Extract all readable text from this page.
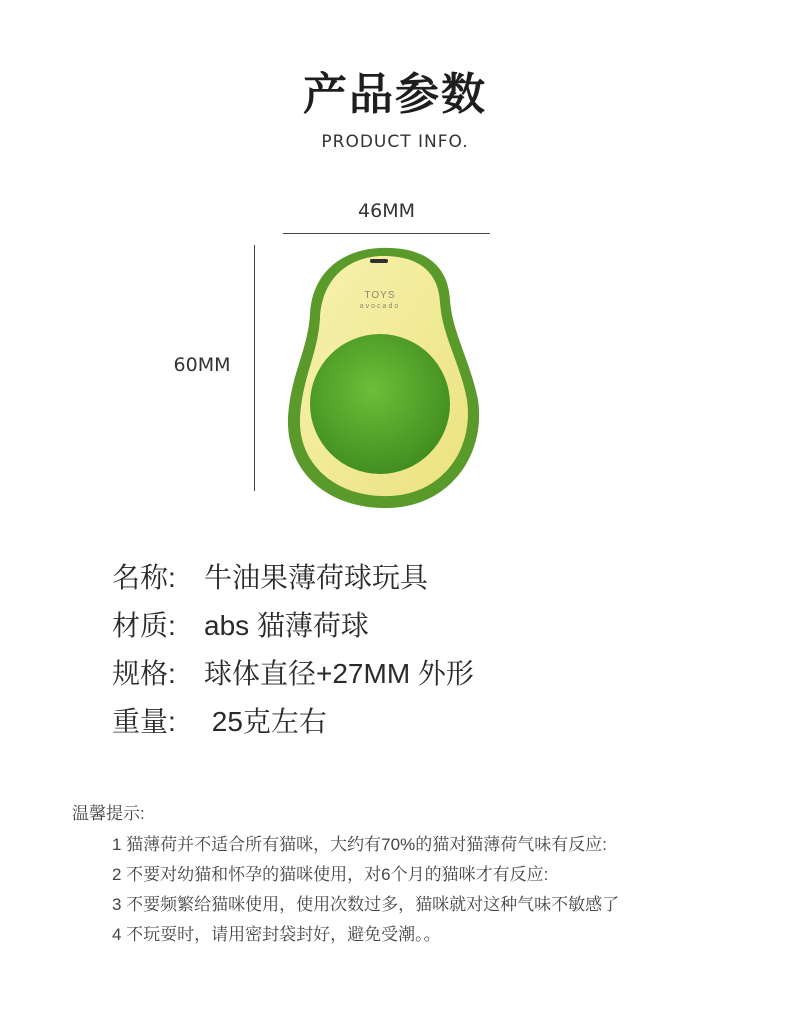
产品参数
PRODUCT INFO.
46MM
60MM
TOYS
avocado
名称: 牛油果薄荷球玩具
材质: abs 猫薄荷球
规格: 球体直径+27MM 外形
重量: 25克左右
温馨提示:
1 猫薄荷并不适合所有猫咪，大约有70%的猫对猫薄荷气味有反应:
2 不要对幼猫和怀孕的猫咪使用，对6个月的猫咪才有反应:
3 不要频繁给猫咪使用，使用次数过多，猫咪就对这种气味不敏感了
4 不玩耍时，请用密封袋封好，避免受潮。。
